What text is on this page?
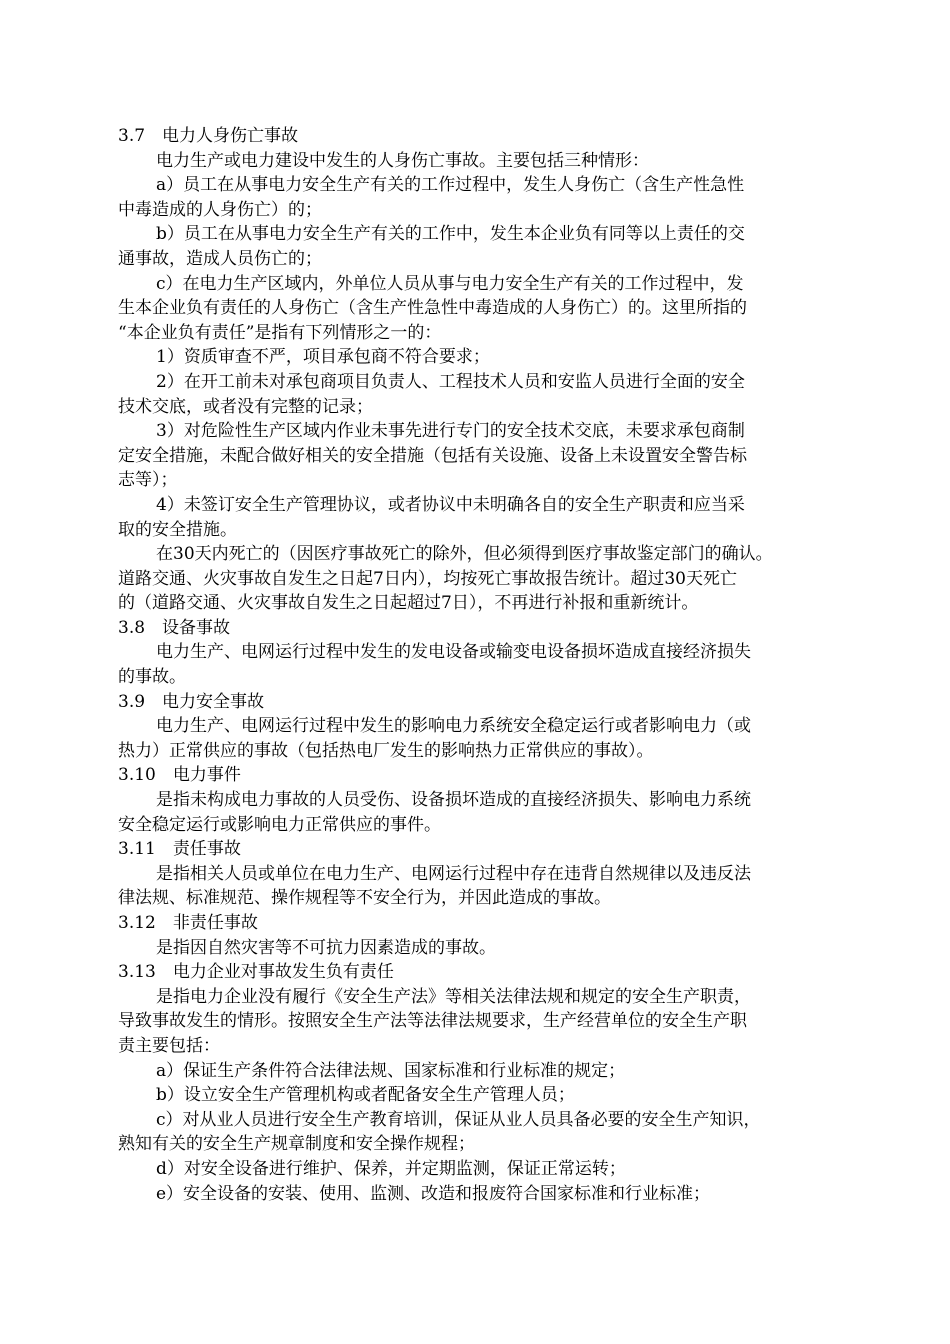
3.7　电力人身伤亡事故
电力生产或电力建设中发生的人身伤亡事故。主要包括三种情形：
a）员工在从事电力安全生产有关的工作过程中，发生人身伤亡（含生产性急性
中毒造成的人身伤亡）的；
b）员工在从事电力安全生产有关的工作中，发生本企业负有同等以上责任的交
通事故，造成人员伤亡的；
c）在电力生产区域内，外单位人员从事与电力安全生产有关的工作过程中，发
生本企业负有责任的人身伤亡（含生产性急性中毒造成的人身伤亡）的。这里所指的
“本企业负有责任”是指有下列情形之一的：
1）资质审查不严，项目承包商不符合要求；
2）在开工前未对承包商项目负责人、工程技术人员和安监人员进行全面的安全
技术交底，或者没有完整的记录；
3）对危险性生产区域内作业未事先进行专门的安全技术交底，未要求承包商制
定安全措施，未配合做好相关的安全措施（包括有关设施、设备上未设置安全警告标
志等）；
4）未签订安全生产管理协议，或者协议中未明确各自的安全生产职责和应当采
取的安全措施。
在30天内死亡的（因医疗事故死亡的除外，但必须得到医疗事故鉴定部门的确认。
道路交通、火灾事故自发生之日起7日内），均按死亡事故报告统计。超过30天死亡
的（道路交通、火灾事故自发生之日起超过7日），不再进行补报和重新统计。
3.8　设备事故
电力生产、电网运行过程中发生的发电设备或输变电设备损坏造成直接经济损失
的事故。
3.9　电力安全事故
电力生产、电网运行过程中发生的影响电力系统安全稳定运行或者影响电力（或
热力）正常供应的事故（包括热电厂发生的影响热力正常供应的事故）。
3.10　电力事件
是指未构成电力事故的人员受伤、设备损坏造成的直接经济损失、影响电力系统
安全稳定运行或影响电力正常供应的事件。
3.11　责任事故
是指相关人员或单位在电力生产、电网运行过程中存在违背自然规律以及违反法
律法规、标准规范、操作规程等不安全行为，并因此造成的事故。
3.12　非责任事故
是指因自然灾害等不可抗力因素造成的事故。
3.13　电力企业对事故发生负有责任
是指电力企业没有履行《安全生产法》等相关法律法规和规定的安全生产职责，
导致事故发生的情形。按照安全生产法等法律法规要求，生产经营单位的安全生产职
责主要包括：
a）保证生产条件符合法律法规、国家标准和行业标准的规定；
b）设立安全生产管理机构或者配备安全生产管理人员；
c）对从业人员进行安全生产教育培训，保证从业人员具备必要的安全生产知识，
熟知有关的安全生产规章制度和安全操作规程；
d）对安全设备进行维护、保养，并定期监测，保证正常运转；
e）安全设备的安装、使用、监测、改造和报废符合国家标准和行业标准；
